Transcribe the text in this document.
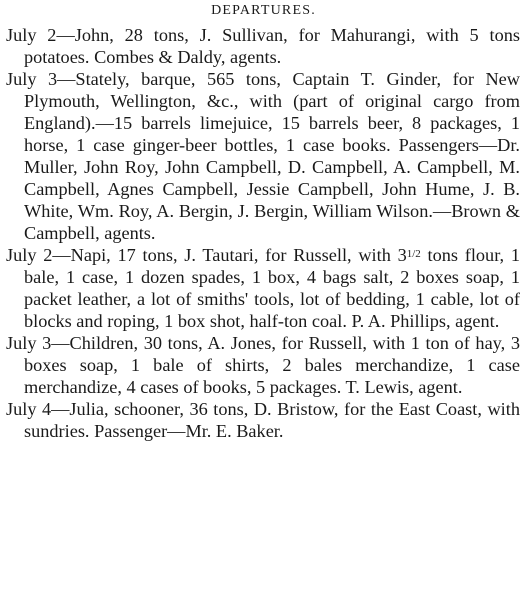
DEPARTURES.

July 2—John, 28 tons, J. Sullivan, for Mahurangi, with 5 tons potatoes. Combes & Daldy, agents.

July 3—Stately, barque, 565 tons, Captain T. Ginder, for New Plymouth, Wellington, &c., with (part of original cargo from England).—15 barrels limejuice, 15 barrels beer, 8 packages, 1 horse, 1 case ginger-beer bottles, 1 case books. Passengers—Dr. Muller, John Roy, John Campbell, D. Campbell, A. Campbell, M. Campbell, Agnes Campbell, Jessie Campbell, John Hume, J. B. White, Wm. Roy, A. Bergin, J. Bergin, William Wilson.—Brown & Campbell, agents.

July 2—Napi, 17 tons, J. Tautari, for Russell, with $3^{1/2}$ tons flour, 1 bale, 1 case, 1 dozen spades, 1 box, 4 bags salt, 2 boxes soap, 1 packet leather, a lot of smiths' tools, lot of bedding, 1 cable, lot of blocks and roping, 1 box shot, half-ton coal. P. A. Phillips, agent.

July 3—Children, 30 tons, A. Jones, for Russell, with 1 ton of hay, 3 boxes soap, 1 bale of shirts, 2 bales merchandize, 1 case merchandize, 4 cases of books, 5 packages. T. Lewis, agent.

July 4—Julia, schooner, 36 tons, D. Bristow, for the East Coast, with sundries. Passenger—Mr. E. Baker.
